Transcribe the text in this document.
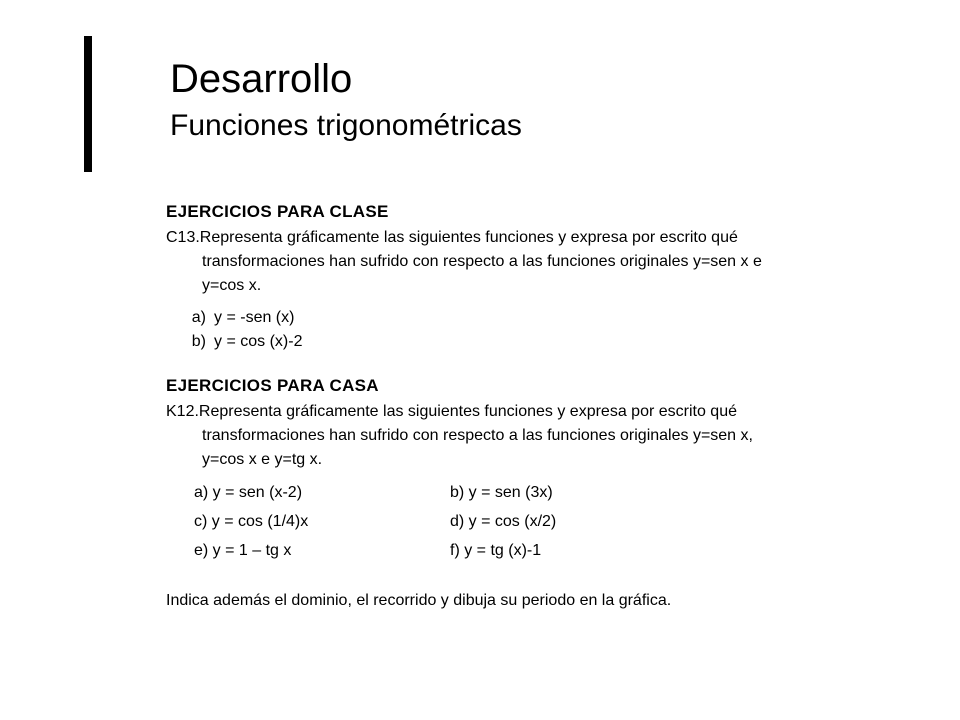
Desarrollo
Funciones trigonométricas
EJERCICIOS PARA CLASE
C13.Representa gráficamente las siguientes funciones y expresa por escrito qué
transformaciones han sufrido con respecto a las funciones originales y=sen x e
y=cos x.
a) y = -sen (x)
b) y = cos (x)-2
EJERCICIOS PARA CASA
K12.Representa gráficamente las siguientes funciones y expresa por escrito qué
transformaciones han sufrido con respecto a las funciones originales y=sen x,
y=cos x e y=tg x.
a) y = sen (x-2)	b) y = sen (3x)
c) y = cos (1/4)x	d) y = cos (x/2)
e) y = 1 – tg x	f) y = tg (x)-1
Indica además el dominio, el recorrido y dibuja su periodo en la gráfica.
